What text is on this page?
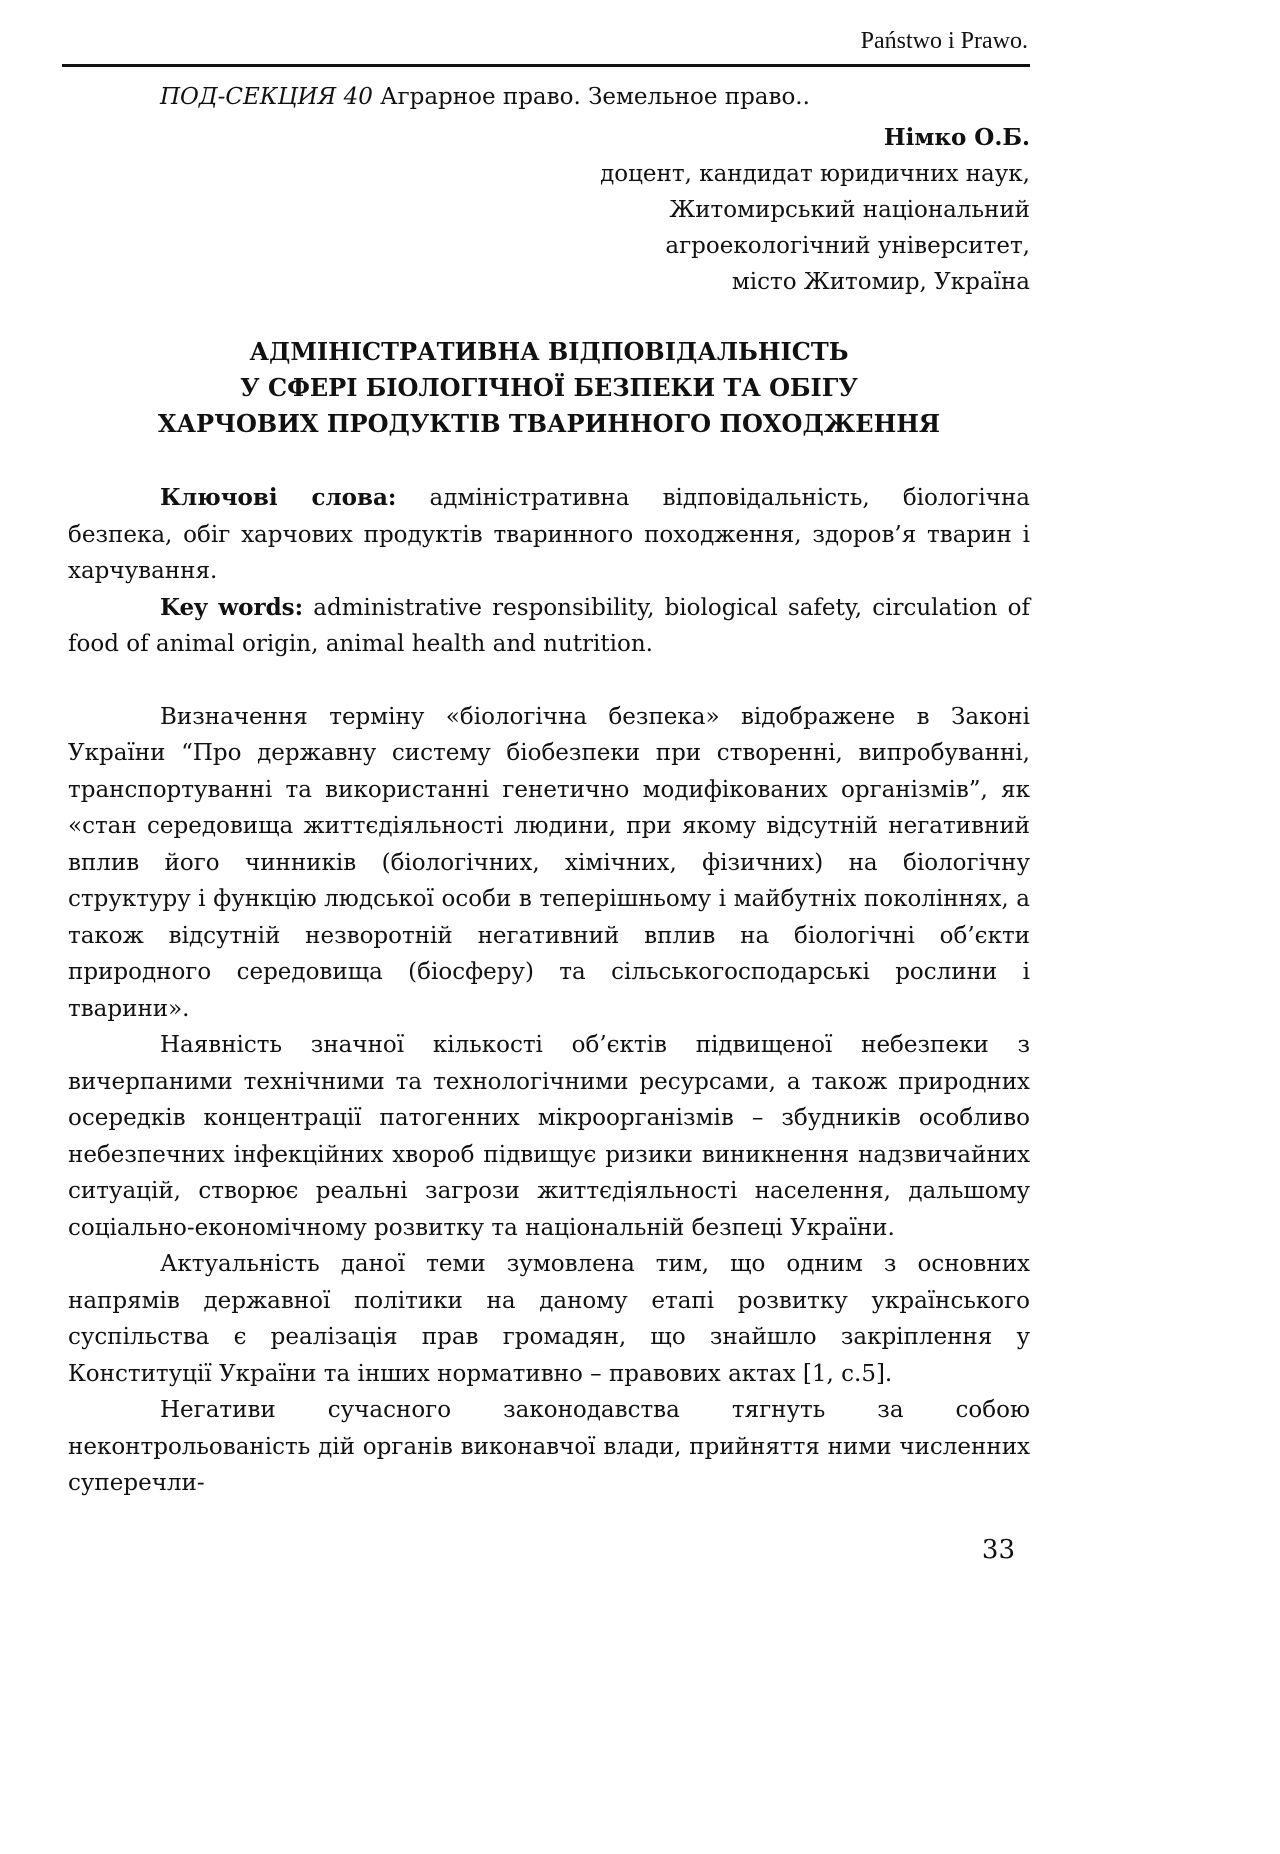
Państwo i Prawo.
ПОД-СЕКЦИЯ 40 Аграрное право. Земельное право..
Німко О.Б.
доцент, кандидат юридичних наук,
Житомирський національний
агроекологічний університет,
місто Житомир, Україна
АДМІНІСТРАТИВНА ВІДПОВІДАЛЬНІСТЬ
У СФЕРІ БІОЛОГІЧНОЇ БЕЗПЕКИ ТА ОБІГУ
ХАРЧОВИХ ПРОДУКТІВ ТВАРИННОГО ПОХОДЖЕННЯ

Ключові слова: адміністративна відповідальність, біологічна безпека, обіг харчових продуктів тваринного походження, здоров’я тварин і харчування.

Key words: administrative responsibility, biological safety, circulation of food of animal origin, animal health and nutrition.

Визначення терміну «біологічна безпека» відображене в Законі України “Про державну систему біобезпеки при створенні, випробуванні, транспортуванні та використанні генетично модифікованих організмів”, як «стан середовища життєдіяльності людини, при якому відсутній негативний вплив його чинників (біологічних, хімічних, фізичних) на біологічну структуру і функцію людської особи в теперішньому і майбутніх поколіннях, а також відсутній незворотній негативний вплив на біологічні об’єкти природного середовища (біосферу) та сільськогосподарські рослини і тварини».

Наявність значної кількості об’єктів підвищеної небезпеки з вичерпаними технічними та технологічними ресурсами, а також природних осередків концентрації патогенних мікроорганізмів – збудників особливо небезпечних інфекційних хвороб підвищує ризики виникнення надзвичайних ситуацій, створює реальні загрози життєдіяльності населення, дальшому соціально-економічному розвитку та національній безпеці України.

Актуальність даної теми зумовлена тим, що одним з основних напрямів державної політики на даному етапі розвитку українського суспільства є реалізація прав громадян, що знайшло закріплення у Конституції України та інших нормативно – правових актах [1, с.5].

Негативи сучасного законодавства тягнуть за собою неконтрольованість дій органів виконавчої влади, прийняття ними численних суперечли-

33
